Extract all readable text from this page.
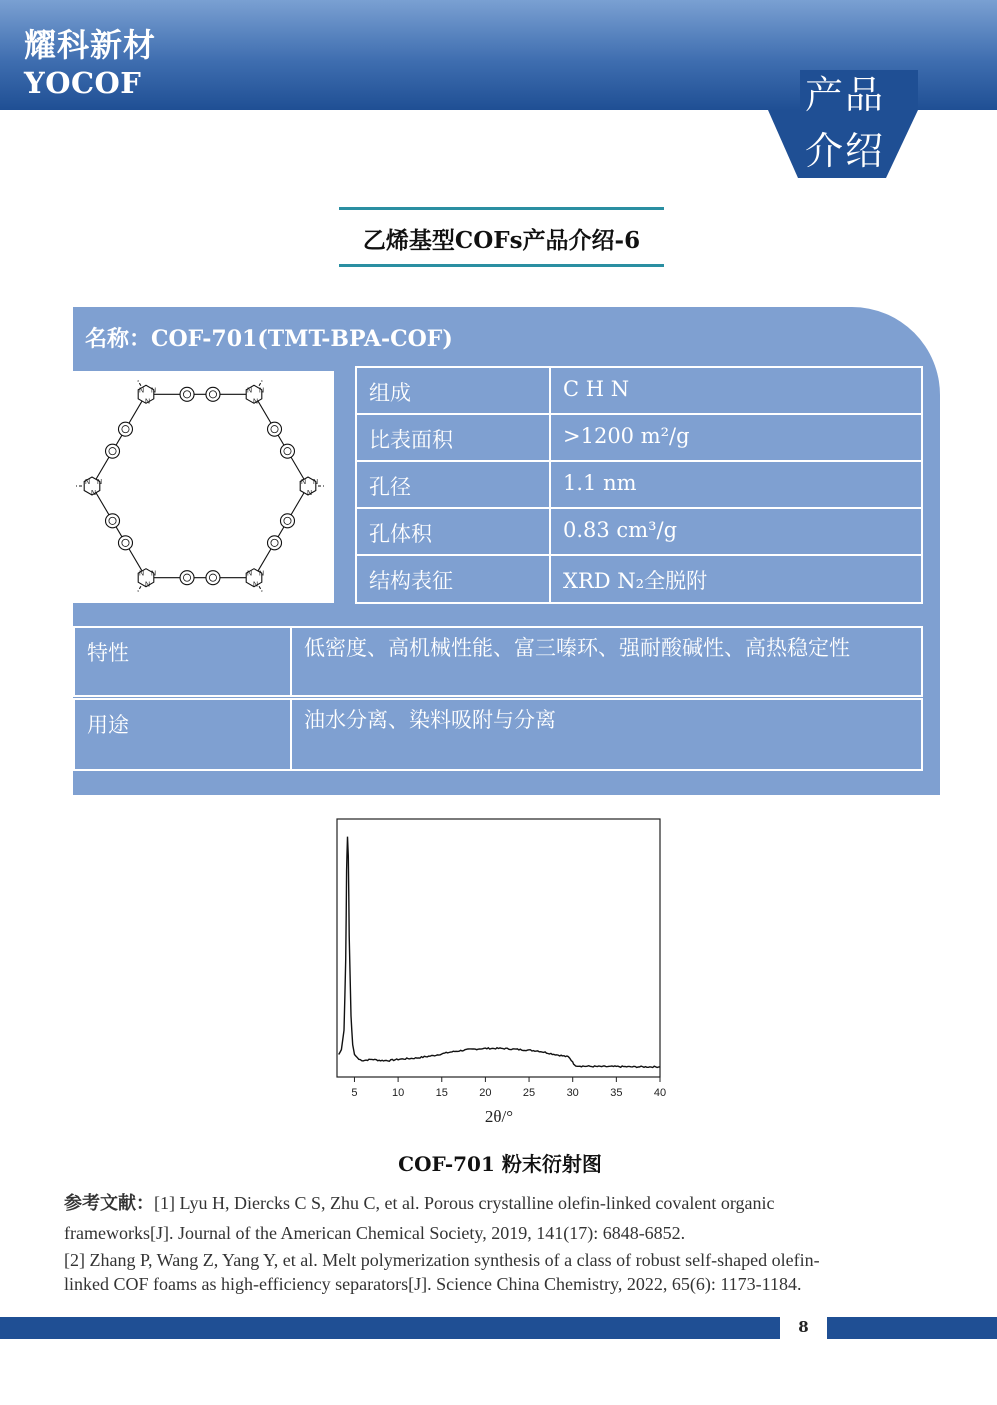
耀科新材
YOCOF	产品
介绍
乙烯基型COFs产品介绍-6
名称：COF-701(TMT-BPA-COF)
N N
N
N N
N
N N
N
N N
N
N N
N
N N
N
组成	C H N
比表面积	>1200 m²/g
孔径	1.1 nm
孔体积	0.83 cm³/g
结构表征	XRD N₂全脱附
特性	低密度、高机械性能、富三嗪环、强耐酸碱性、高热稳定性
用途	油水分离、染料吸附与分离
5	10	15	20	25	30	35	40
2θ/°
COF-701 粉末衍射图
参考文献：[1] Lyu H, Diercks C S, Zhu C, et al. Porous crystalline olefin-linked covalent organic
frameworks[J]. Journal of the American Chemical Society, 2019, 141(17): 6848-6852.
[2] Zhang P, Wang Z, Yang Y, et al. Melt polymerization synthesis of a class of robust self-shaped olefin-
linked COF foams as high-efficiency separators[J]. Science China Chemistry, 2022, 65(6): 1173-1184.
8
